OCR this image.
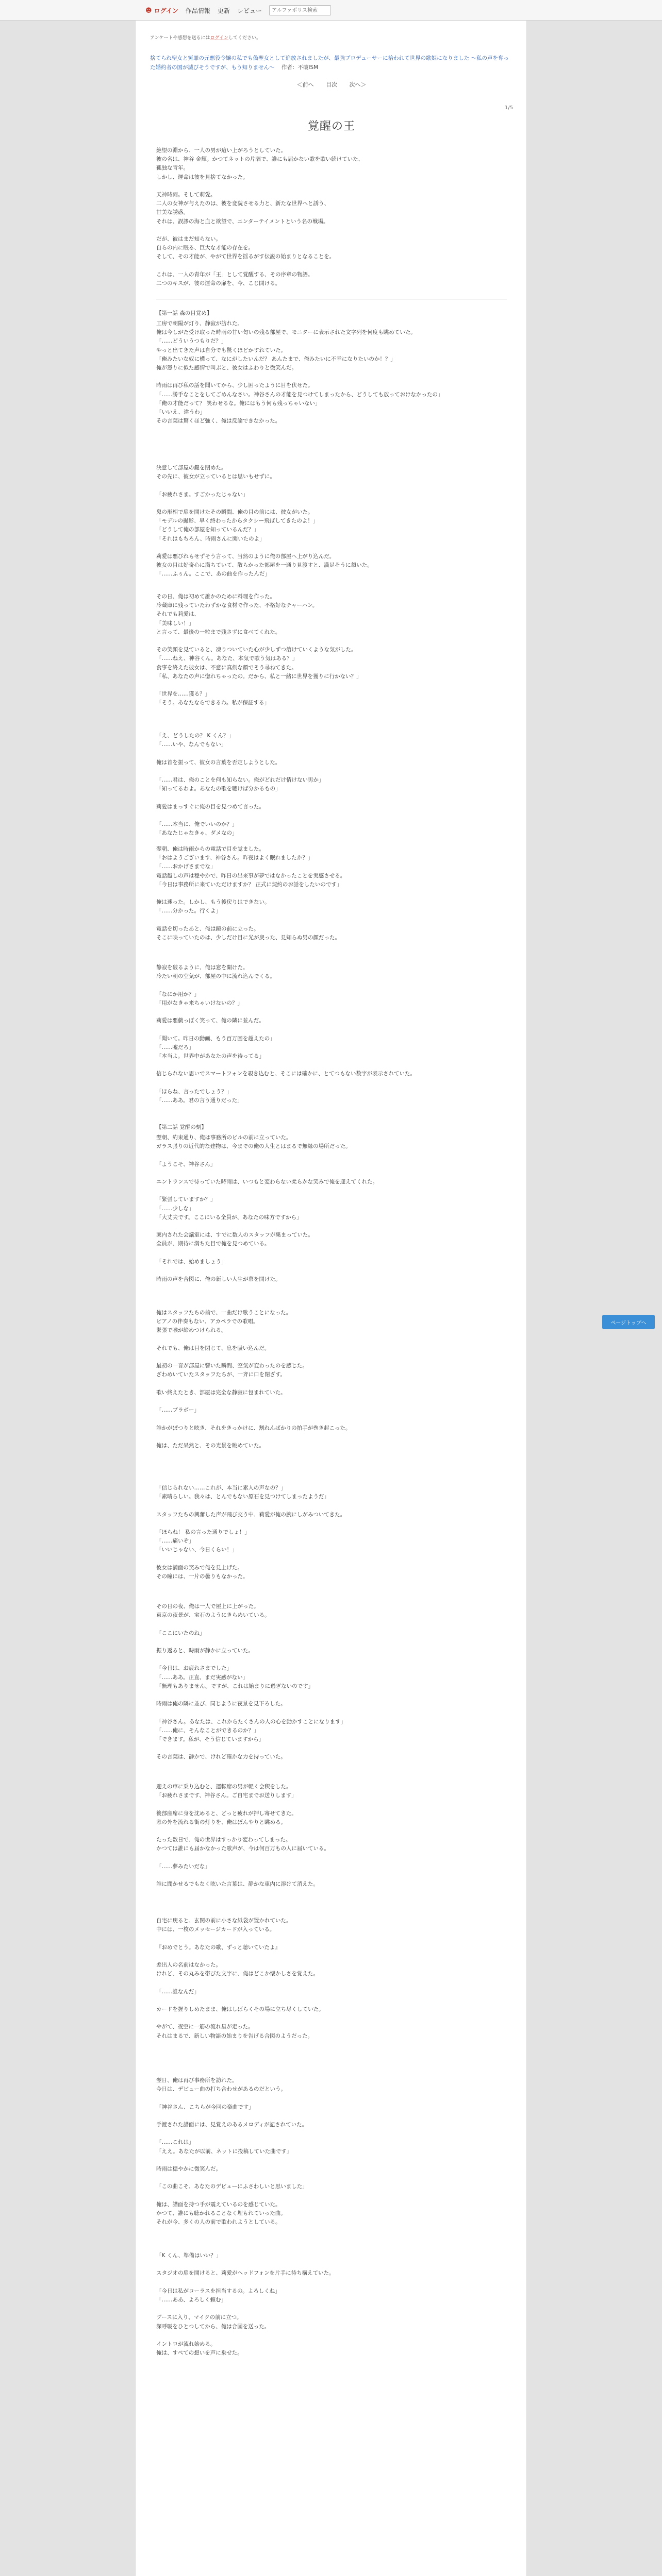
☻ ログイン 作品情報 更新 レビュー
アルファポリス検索
アンケートや感想を送るにはログインしてください。
捨てられ聖女と冤罪の元悪役令嬢の私でも偽聖女として追放されましたが、最強プロデューサーに拾われて世界の歌姫になりました ～私の声を奪った婚約者の国が滅びそうですが、もう知りません～ 作者：不破ISM
＜前へ 目次 次へ＞
1/5
覚醒の王
絶望の淵から、一人の男が這い上がろうとしていた。
彼の名は、神谷 金輝。かつてネットの片隅で、誰にも届かない歌を歌い続けていた、
孤独な青年。
しかし、運命は彼を見捨てなかった。

天神時雨。そして莉愛。
二人の女神が与えたのは、彼を変貌させる力と、新たな世界へと誘う、
甘美な誘惑。
それは、誤謬の海と血と欲望で、エンターテイメントという名の戦場。

だが、彼はまだ知らない。
自らの内に眠る、巨大な才能の存在を。
そして、その才能が、やがて世界を揺るがす伝説の始まりとなることを。

これは、一人の青年が「王」として覚醒する、その序章の物語。
二つのキスが、彼の運命の扉を、今、こじ開ける。
【第一話 森の目覚め】
工房で朝陽が灯り、静寂が訪れた。
俺は今しがた受け取った時雨の甘い匂いの残る部屋で、モニターに表示された文字列を何度も眺めていた。
「……どういうつもりだ？」
やっと出てきた声は自分でも驚くほどかすれていた。
「俺みたいな奴に構って、なにがしたいんだ？ あんたまで、俺みたいに不幸になりたいのか！？」
俺が怒りに似た感情で叫ぶと、彼女はふわりと微笑んだ。

時雨は再び私の話を聞いてから、少し困ったように目を伏せた。
「……勝手なことをしてごめんなさい。神谷さんの才能を見つけてしまったから、どうしても放っておけなかったの」
「俺の才能だって？ 笑わせるな。俺にはもう何も残っちゃいない」
「いいえ、違うわ」
その言葉は驚くほど強く、俺は反論できなかった。
決意して部屋の鍵を閉めた。
その先に、彼女が立っているとは思いもせずに。

「お疲れさま。すごかったじゃない」

鬼の形相で扉を開けたその瞬間、俺の目の前には、彼女がいた。
「モデルの撮影、早く終わったからタクシー飛ばしてきたのよ！」
「どうして俺の部屋を知っているんだ？」
「それはもちろん、時雨さんに聞いたのよ」

莉愛は悪びれもせずそう言って、当然のように俺の部屋へ上がり込んだ。
彼女の目は好奇心に満ちていて、散らかった部屋を一通り見渡すと、満足そうに頷いた。
「……ふぅん。ここで、あの曲を作ったんだ」
その日、俺は初めて誰かのために料理を作った。
冷蔵庫に残っていたわずかな食材で作った、不格好なチャーハン。
それでも莉愛は、
「美味しい！」
と言って、最後の一粒まで残さずに食べてくれた。

その笑顔を見ていると、凍りついていた心が少しずつ溶けていくような気がした。
「……ねえ、神谷くん。あなた、本気で歌う気はある？」
食事を終えた彼女は、不意に真剣な顔でそう尋ねてきた。
「私、あなたの声に惚れちゃったの。だから、私と一緒に世界を獲りに行かない？」

「世界を……獲る？」
「そう。あなたならできるわ。私が保証する」
「え、どうしたの？ K くん？」
「……いや、なんでもない」

俺は首を振って、彼女の言葉を否定しようとした。

「……君は、俺のことを何も知らない。俺がどれだけ情けない男か」
「知ってるわよ。あなたの歌を聴けば分かるもの」

莉愛はまっすぐに俺の目を見つめて言った。

「……本当に、俺でいいのか？」
「あなたじゃなきゃ、ダメなの」
翌朝、俺は時雨からの電話で目を覚ました。
「おはようございます、神谷さん。昨夜はよく眠れましたか？」
「……おかげさまでな」
電話越しの声は穏やかで、昨日の出来事が夢ではなかったことを実感させる。
「今日は事務所に来ていただけますか？ 正式に契約のお話をしたいのです」

俺は迷った。しかし、もう後戻りはできない。
「……分かった。行くよ」

電話を切ったあと、俺は鏡の前に立った。
そこに映っていたのは、少しだけ目に光が戻った、見知らぬ男の顔だった。
静寂を破るように、俺は窓を開けた。
冷たい朝の空気が、部屋の中に流れ込んでくる。

「なにか用か？」
「用がなきゃ来ちゃいけないの？」

莉愛は悪戯っぽく笑って、俺の隣に並んだ。

「聞いて。昨日の動画、もう百万回を超えたの」
「……嘘だろ」
「本当よ。世界中があなたの声を待ってる」

信じられない思いでスマートフォンを覗き込むと、そこには確かに、とてつもない数字が表示されていた。

「ほらね、言ったでしょう？」
「……ああ。君の言う通りだった」
【第二話 覚醒の刻】
翌朝、約束通り、俺は事務所のビルの前に立っていた。
ガラス張りの近代的な建物は、今までの俺の人生とはまるで無縁の場所だった。

「ようこそ、神谷さん」

エントランスで待っていた時雨は、いつもと変わらない柔らかな笑みで俺を迎えてくれた。

「緊張していますか？」
「……少しな」
「大丈夫です。ここにいる全員が、あなたの味方ですから」

案内された会議室には、すでに数人のスタッフが集まっていた。
全員が、期待に満ちた目で俺を見つめている。

「それでは、始めましょう」

時雨の声を合図に、俺の新しい人生が幕を開けた。
俺はスタッフたちの前で、一曲だけ歌うことになった。
ピアノの伴奏もない、アカペラでの歌唱。
緊張で喉が締めつけられる。

それでも、俺は目を閉じて、息を吸い込んだ。

最初の一音が部屋に響いた瞬間、空気が変わったのを感じた。
ざわめいていたスタッフたちが、一斉に口を閉ざす。

歌い終えたとき、部屋は完全な静寂に包まれていた。

「……ブラボー」

誰かがぽつりと呟き、それをきっかけに、割れんばかりの拍手が巻き起こった。

俺は、ただ呆然と、その光景を眺めていた。
「信じられない……これが、本当に素人の声なの？」
「素晴らしい。我々は、とんでもない原石を見つけてしまったようだ」

スタッフたちの興奮した声が飛び交う中、莉愛が俺の腕にしがみついてきた。

「ほらね！ 私の言った通りでしょ！」
「……痛いぞ」
「いいじゃない、今日くらい！」

彼女は満面の笑みで俺を見上げた。
その瞳には、一片の曇りもなかった。
その日の夜、俺は一人で屋上に上がった。
東京の夜景が、宝石のようにきらめいている。

「ここにいたのね」

振り返ると、時雨が静かに立っていた。

「今日は、お疲れさまでした」
「……ああ。正直、まだ実感がない」
「無理もありません。ですが、これは始まりに過ぎないのです」

時雨は俺の隣に並び、同じように夜景を見下ろした。

「神谷さん。あなたは、これからたくさんの人の心を動かすことになります」
「……俺に、そんなことができるのか？」
「できます。私が、そう信じていますから」

その言葉は、静かで、けれど確かな力を持っていた。
迎えの車に乗り込むと、運転席の男が軽く会釈をした。
「お疲れさまです、神谷さん。ご自宅までお送りします」

後部座席に身を沈めると、どっと疲れが押し寄せてきた。
窓の外を流れる街の灯りを、俺はぼんやりと眺める。

たった数日で、俺の世界はすっかり変わってしまった。
かつては誰にも届かなかった歌声が、今は何百万もの人に届いている。

「……夢みたいだな」

誰に聞かせるでもなく呟いた言葉は、静かな車内に溶けて消えた。
自宅に戻ると、玄関の前に小さな紙袋が置かれていた。
中には、一枚のメッセージカードが入っている。

『おめでとう。あなたの歌、ずっと聴いていたよ』

差出人の名前はなかった。
けれど、その丸みを帯びた文字に、俺はどこか懐かしさを覚えた。

「……誰なんだ」

カードを握りしめたまま、俺はしばらくその場に立ち尽くしていた。

やがて、夜空に一筋の流れ星が走った。
それはまるで、新しい物語の始まりを告げる合図のようだった。
翌日、俺は再び事務所を訪れた。
今日は、デビュー曲の打ち合わせがあるのだという。

「神谷さん、こちらが今回の楽曲です」

手渡された譜面には、見覚えのあるメロディが記されていた。

「……これは」
「ええ。あなたが以前、ネットに投稿していた曲です」

時雨は穏やかに微笑んだ。

「この曲こそ、あなたのデビューにふさわしいと思いました」

俺は、譜面を持つ手が震えているのを感じていた。
かつて、誰にも聴かれることなく埋もれていった曲。
それが今、多くの人の前で歌われようとしている。
「K くん、準備はいい？」

スタジオの扉を開けると、莉愛がヘッドフォンを片手に待ち構えていた。

「今日は私がコーラスを担当するの。よろしくね」
「……ああ、よろしく頼む」

ブースに入り、マイクの前に立つ。
深呼吸をひとつしてから、俺は合図を送った。

イントロが流れ始める。
俺は、すべての想いを声に乗せた。
ページトップへ
